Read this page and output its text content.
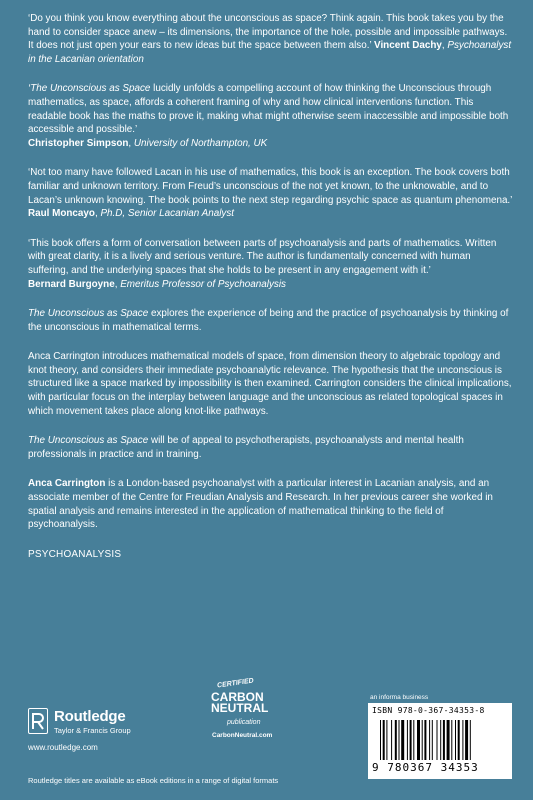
‘Do you think you know everything about the unconscious as space? Think again. This book takes you by the hand to consider space anew – its dimensions, the importance of the hole, possible and impossible pathways. It does not just open your ears to new ideas but the space between them also.’ Vincent Dachy, Psychoanalyst in the Lacanian orientation
‘The Unconscious as Space lucidly unfolds a compelling account of how thinking the Unconscious through mathematics, as space, affords a coherent framing of why and how clinical interventions function. This readable book has the maths to prove it, making what might otherwise seem inaccessible and impossible both accessible and possible.’
Christopher Simpson, University of Northampton, UK
‘Not too many have followed Lacan in his use of mathematics, this book is an exception. The book covers both familiar and unknown territory. From Freud’s unconscious of the not yet known, to the unknowable, and to Lacan’s unknown knowing. The book points to the next step regarding psychic space as quantum phenomena.’
Raul Moncayo, Ph.D, Senior Lacanian Analyst
‘This book offers a form of conversation between parts of psychoanalysis and parts of mathematics. Written with great clarity, it is a lively and serious venture. The author is fundamentally concerned with human suffering, and the underlying spaces that she holds to be present in any engagement with it.’
Bernard Burgoyne, Emeritus Professor of Psychoanalysis
The Unconscious as Space explores the experience of being and the practice of psychoanalysis by thinking of the unconscious in mathematical terms.
Anca Carrington introduces mathematical models of space, from dimension theory to algebraic topology and knot theory, and considers their immediate psychoanalytic relevance. The hypothesis that the unconscious is structured like a space marked by impossibility is then examined. Carrington considers the clinical implications, with particular focus on the interplay between language and the unconscious as related topological spaces in which movement takes place along knot-like pathways.
The Unconscious as Space will be of appeal to psychotherapists, psychoanalysts and mental health professionals in practice and in training.
Anca Carrington is a London-based psychoanalyst with a particular interest in Lacanian analysis, and an associate member of the Centre for Freudian Analysis and Research. In her previous career she worked in spatial analysis and remains interested in the application of mathematical thinking to the field of psychoanalysis.
PSYCHOANALYSIS
Routledge
Taylor & Francis Group
www.routledge.com
CERTIFIED
CARBON
NEUTRAL
publication
CarbonNeutral.com
an informa business
ISBN 978-0-367-34353-8
9 780367 34353
Routledge titles are available as eBook editions in a range of digital formats
